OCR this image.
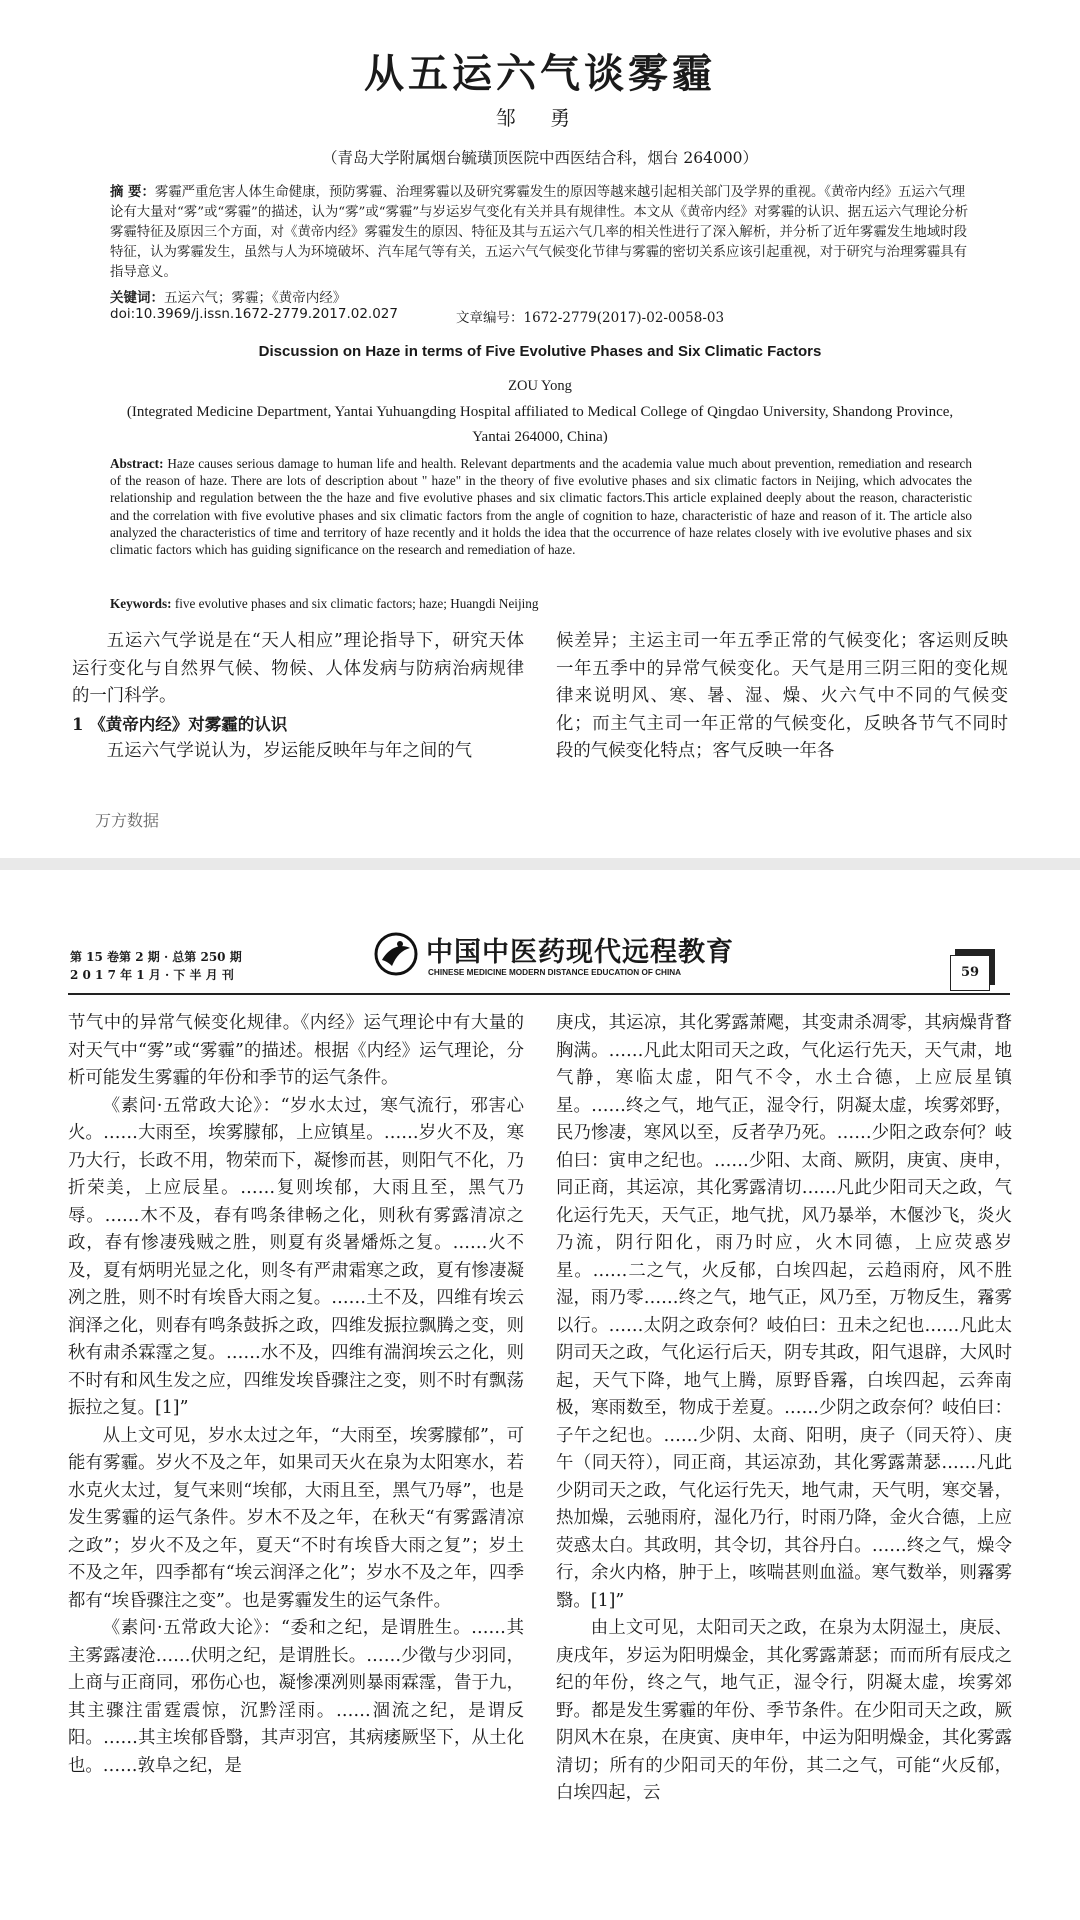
从五运六气谈雾霾
邹 勇
（青岛大学附属烟台毓璜顶医院中西医结合科，烟台 264000）
摘 要：雾霾严重危害人体生命健康，预防雾霾、治理雾霾以及研究雾霾发生的原因等越来越引起相关部门及学界的重视。《黄帝内经》五运六气理论有大量对“雾”或“雾霾”的描述，认为“雾”或“雾霾”与岁运岁气变化有关并具有规律性。本文从《黄帝内经》对雾霾的认识、据五运六气理论分析雾霾特征及原因三个方面，对《黄帝内经》雾霾发生的原因、特征及其与五运六气几率的相关性进行了深入解析，并分析了近年雾霾发生地域时段特征，认为雾霾发生，虽然与人为环境破坏、汽车尾气等有关，五运六气气候变化节律与雾霾的密切关系应该引起重视，对于研究与治理雾霾具有指导意义。
关键词：五运六气；雾霾；《黄帝内经》
doi:10.3969/j.issn.1672-2779.2017.02.027	文章编号：1672-2779(2017)-02-0058-03
Discussion on Haze in terms of Five Evolutive Phases and Six Climatic Factors
ZOU Yong
(Integrated Medicine Department, Yantai Yuhuangding Hospital affiliated to Medical College of Qingdao University, Shandong Province,
Yantai 264000, China)
Abstract: Haze causes serious damage to human life and health. Relevant departments and the academia value much about prevention, remediation and research of the reason of haze. There are lots of description about " haze" in the theory of five evolutive phases and six climatic factors in Neijing, which advocates the relationship and regulation between the the haze and five evolutive phases and six climatic factors.This article explained deeply about the reason, characteristic and the correlation with five evolutive phases and six climatic factors from the angle of cognition to haze, characteristic of haze and reason of it. The article also analyzed the characteristics of time and territory of haze recently and it holds the idea that the occurrence of haze relates closely with ive evolutive phases and six climatic factors which has guiding significance on the research and remediation of haze.
Keywords: five evolutive phases and six climatic factors; haze; Huangdi Neijing

五运六气学说是在“天人相应”理论指导下，研究天体运行变化与自然界气候、物候、人体发病与防病治病规律的一门科学。

1 《黄帝内经》对雾霾的认识

五运六气学说认为，岁运能反映年与年之间的气

候差异；主运主司一年五季正常的气候变化；客运则反映一年五季中的异常气候变化。天气是用三阴三阳的变化规律来说明风、寒、暑、湿、燥、火六气中不同的气候变化；而主气主司一年正常的气候变化，反映各节气不同时段的气候变化特点；客气反映一年各

万方数据
第 15 卷第 2 期 · 总第 250 期
2 0 1 7 年 1 月 · 下 半 月 刊
中国中医药现代远程教育
CHINESE MEDICINE MODERN DISTANCE EDUCATION OF CHINA	59

节气中的异常气候变化规律。《内经》运气理论中有大量的对天气中“雾”或“雾霾”的描述。根据《内经》运气理论，分析可能发生雾霾的年份和季节的运气条件。

《素问·五常政大论》：“岁水太过，寒气流行，邪害心火。……大雨至，埃雾朦郁，上应镇星。……岁火不及，寒乃大行，长政不用，物荣而下，凝惨而甚，则阳气不化，乃折荣美，上应辰星。……复则埃郁，大雨且至，黑气乃辱。……木不及，春有鸣条律畅之化，则秋有雾露清凉之政，春有惨凄残贼之胜，则夏有炎暑燔烁之复。……火不及，夏有炳明光显之化，则冬有严肃霜寒之政，夏有惨凄凝冽之胜，则不时有埃昏大雨之复。……土不及，四维有埃云润泽之化，则春有鸣条鼓拆之政，四维发振拉飘腾之变，则秋有肃杀霖霪之复。……水不及，四维有湍润埃云之化，则不时有和风生发之应，四维发埃昏骤注之变，则不时有飘荡振拉之复。[1]”

从上文可见，岁水太过之年，“大雨至，埃雾朦郁”，可能有雾霾。岁火不及之年，如果司天火在泉为太阳寒水，若水克火太过，复气来则“埃郁，大雨且至，黑气乃辱”，也是发生雾霾的运气条件。岁木不及之年，在秋天“有雾露清凉之政”；岁火不及之年，夏天“不时有埃昏大雨之复”；岁土不及之年，四季都有“埃云润泽之化”；岁水不及之年，四季都有“埃昏骤注之变”。也是雾霾发生的运气条件。

《素问·五常政大论》：“委和之纪，是谓胜生。……其主雾露凄沧……伏明之纪，是谓胜长。……少徵与少羽同，上商与正商同，邪伤心也，凝惨凓冽则暴雨霖霪，眚于九，其主骤注雷霆震惊，沉黔淫雨。……涸流之纪，是谓反阳。……其主埃郁昏翳，其声羽宫，其病痿厥坚下，从土化也。……敦阜之纪，是

庚戌，其运凉，其化雾露萧飔，其变肃杀凋零，其病燥背瞀胸满。……凡此太阳司天之政，气化运行先天，天气肃，地气静，寒临太虚，阳气不令，水土合德，上应辰星镇星。……终之气，地气正，湿令行，阴凝太虚，埃雾郊野，民乃惨凄，寒风以至，反者孕乃死。……少阳之政奈何？岐伯曰：寅申之纪也。……少阳、太商、厥阴，庚寅、庚申，同正商，其运凉，其化雾露清切……凡此少阳司天之政，气化运行先天，天气正，地气扰，风乃暴举，木偃沙飞，炎火乃流，阴行阳化，雨乃时应，火木同德，上应荧惑岁星。……二之气，火反郁，白埃四起，云趋雨府，风不胜湿，雨乃零……终之气，地气正，风乃至，万物反生，霿雾以行。……太阴之政奈何？岐伯曰：丑未之纪也……凡此太阴司天之政，气化运行后天，阴专其政，阳气退辟，大风时起，天气下降，地气上腾，原野昏霿，白埃四起，云奔南极，寒雨数至，物成于差夏。……少阴之政奈何？岐伯曰：子午之纪也。……少阴、太商、阳明，庚子（同天符）、庚午（同天符），同正商，其运凉劲，其化雾露萧瑟……凡此少阴司天之政，气化运行先天，地气肃，天气明，寒交暑，热加燥，云驰雨府，湿化乃行，时雨乃降，金火合德，上应荧惑太白。其政明，其令切，其谷丹白。……终之气，燥令行，余火内格，肿于上，咳喘甚则血溢。寒气数举，则霿雾翳。[1]”

由上文可见，太阳司天之政，在泉为太阴湿土，庚辰、庚戌年，岁运为阳明燥金，其化雾露萧瑟；而而所有辰戌之纪的年份，终之气，地气正，湿令行，阴凝太虚，埃雾郊野。都是发生雾霾的年份、季节条件。在少阳司天之政，厥阴风木在泉，在庚寅、庚申年，中运为阳明燥金，其化雾露清切；所有的少阳司天的年份，其二之气，可能“火反郁，白埃四起，云
